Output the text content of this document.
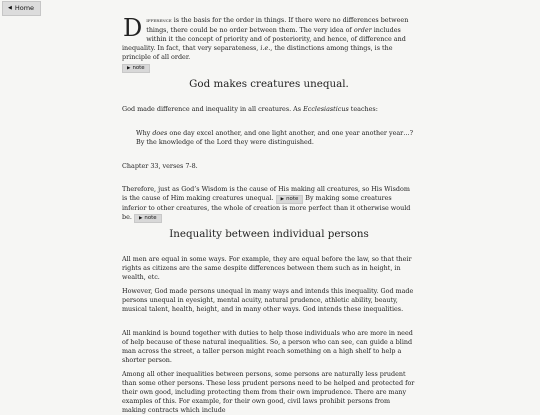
◀ Home
D ifference is the basis for the order in things. If there were no differences between things, there could be no order between them. The very idea of order includes within it the concept of priority and of posteriority, and hence, of difference and inequality. In fact, that very separateness, i.e., the distinctions among things, is the principle of all order.

▶ note
God makes creatures unequal.

God made difference and inequality in all creatures. As Ecclesiasticus teaches:

Why does one day excel another, and one light another, and one year another year…?

By the knowledge of the Lord they were distinguished.

Chapter 33, verses 7-8.

Therefore, just as God’s Wisdom is the cause of His making all creatures, so His Wisdom is the cause of Him making creatures unequal. ▶ note By making some creatures inferior to other creatures, the whole of creation is more perfect than it otherwise would be. ▶ note

Inequality between individual persons

All men are equal in some ways. For example, they are equal before the law, so that their rights as citizens are the same despite differences between them such as in height, in wealth, etc.

However, God made persons unequal in many ways and intends this inequality. God made persons unequal in eyesight, mental acuity, natural prudence, athletic ability, beauty, musical talent, health, height, and in many other ways. God intends these inequalities.

All mankind is bound together with duties to help those individuals who are more in need of help because of these natural inequalities. So, a person who can see, can guide a blind man across the street, a taller person might reach something on a high shelf to help a shorter person.

Among all other inequalities between persons, some persons are naturally less prudent than some other persons. These less prudent persons need to be helped and protected for their own good, including protecting them from their own imprudence. There are many examples of this. For example, for their own good, civil laws prohibit persons from making contracts which include
